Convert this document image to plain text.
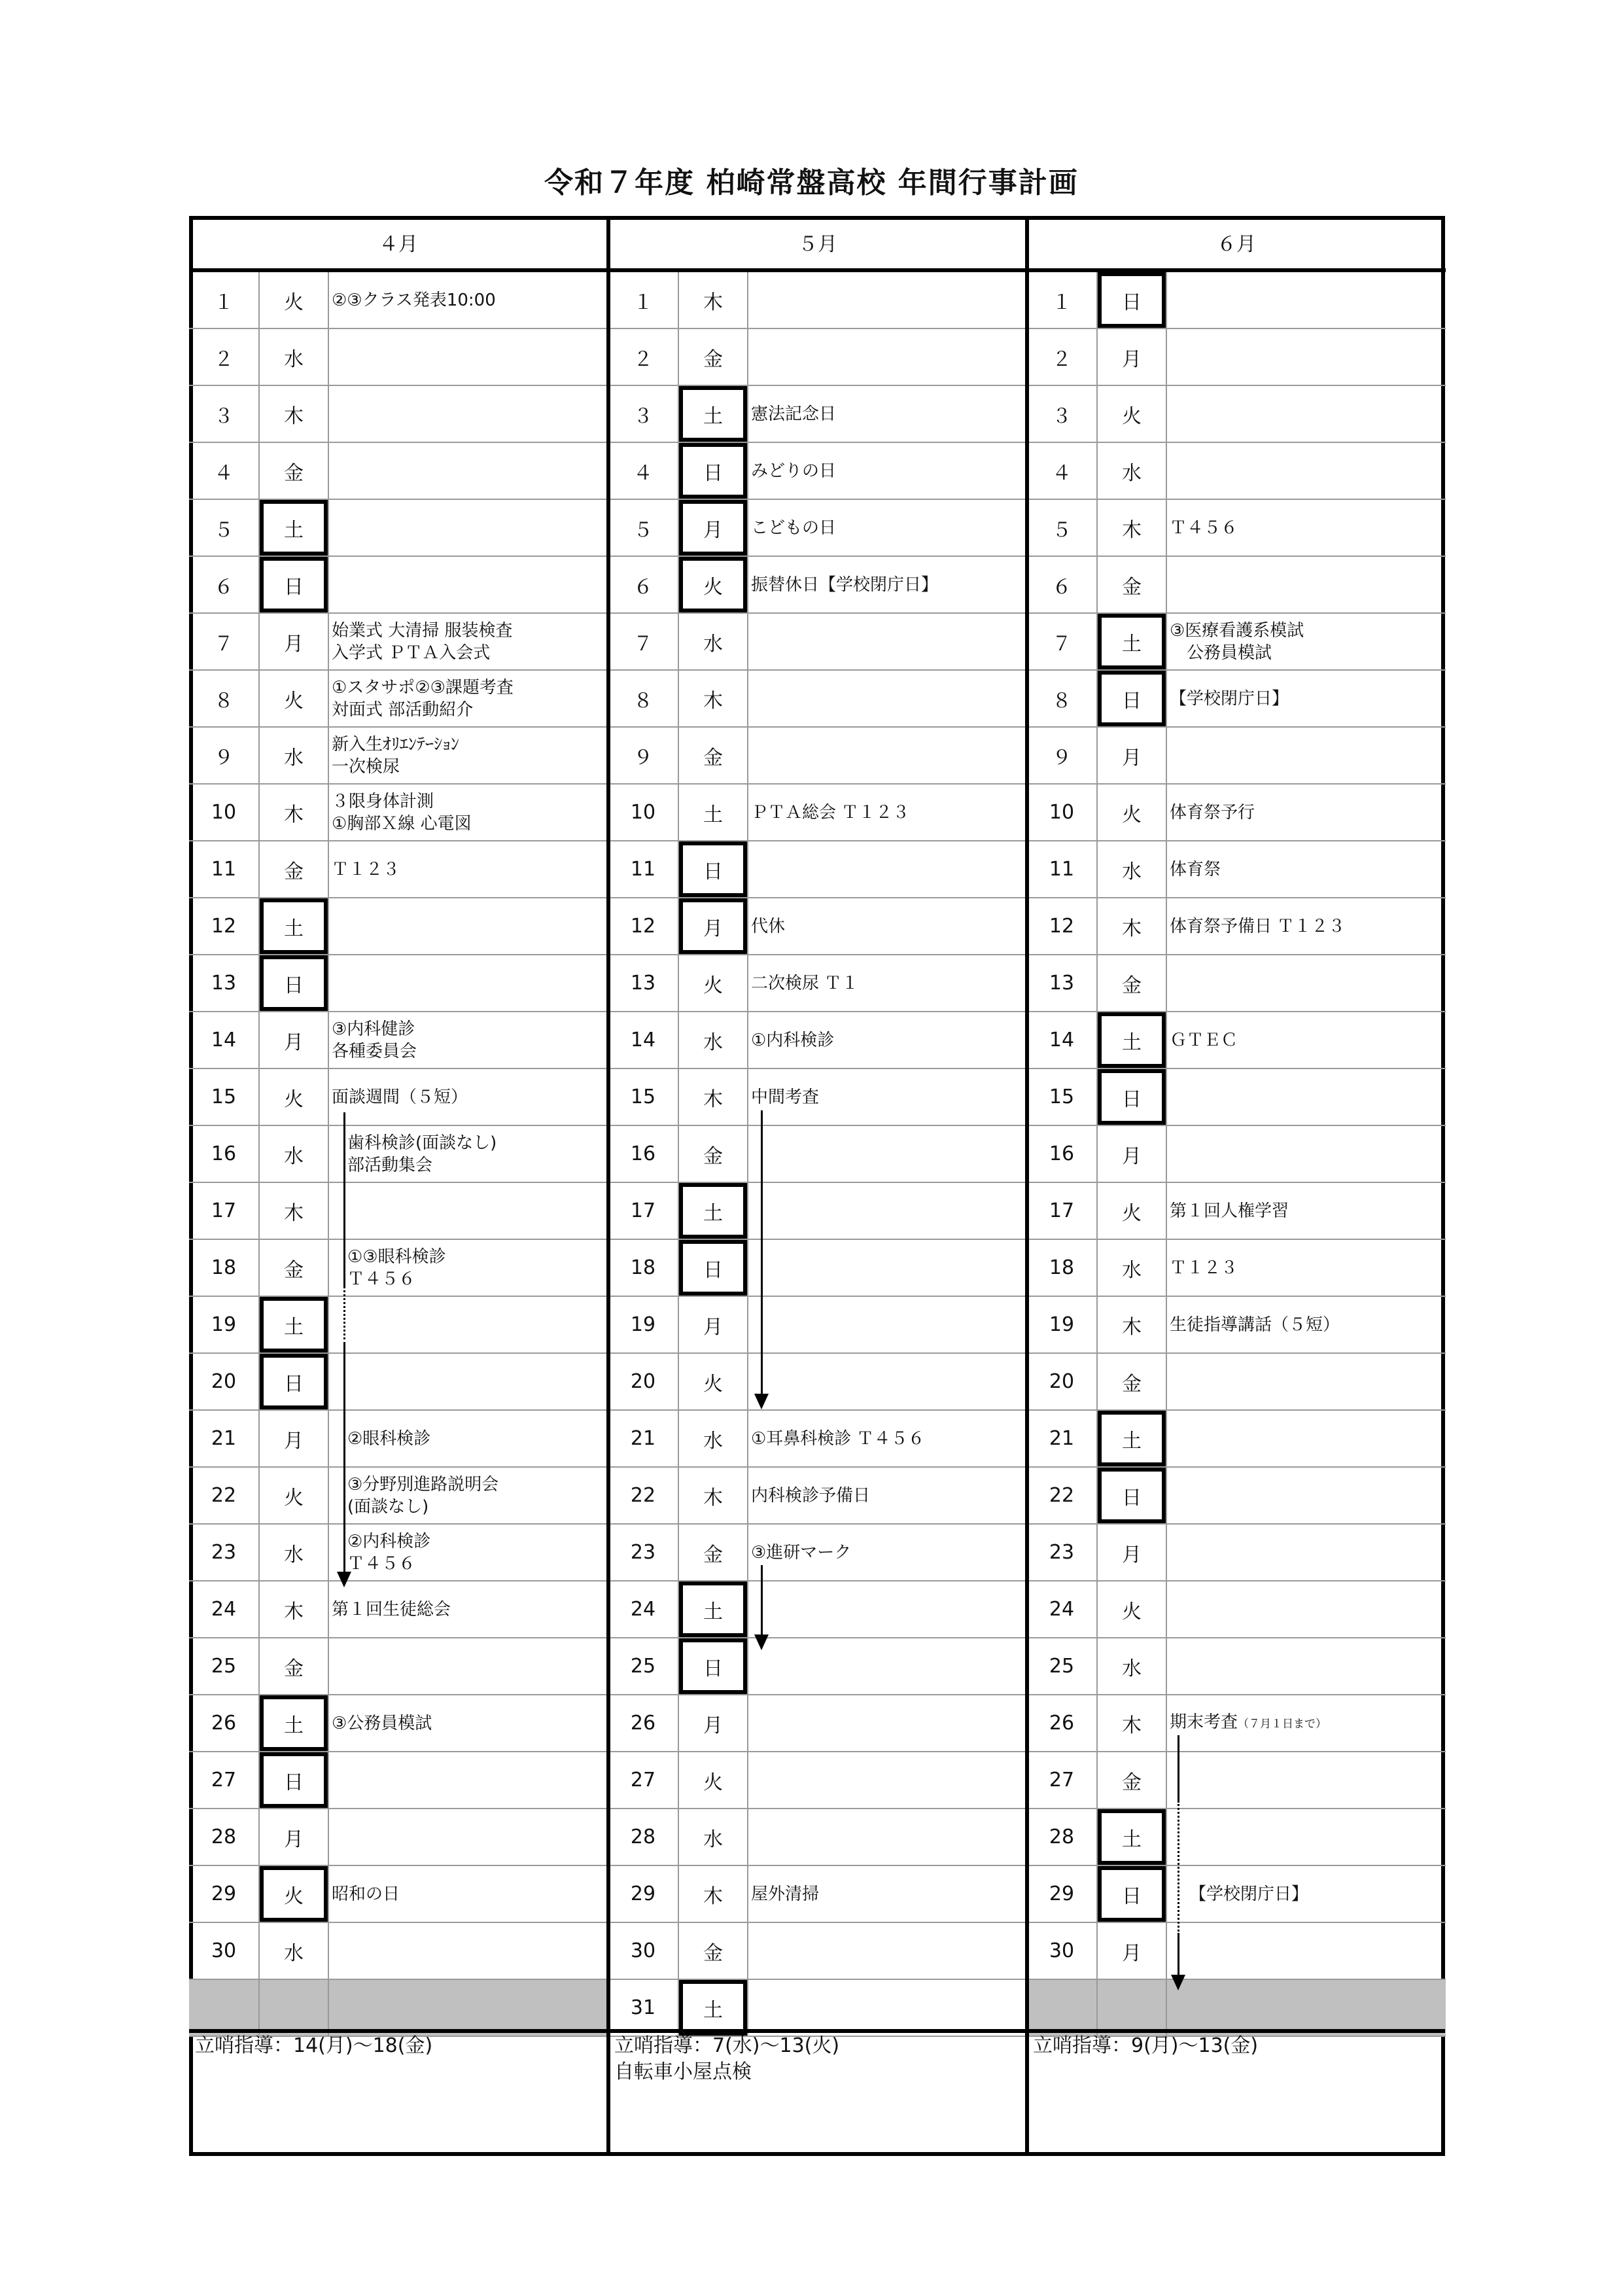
令和７年度 柏崎常盤高校 年間行事計画
４月
１	火	②③クラス発表10:00
２	水
３	木
４	金
５	土
６	日
７	月
始業式 大清掃 服装検査
入学式 ＰＴＡ入会式
８	火
①スタサポ②③課題考査
対面式 部活動紹介
９	水
新入生ｵﾘｴﾝﾃｰｼｮﾝ
一次検尿
10	木
３限身体計測
①胸部Ｘ線 心電図
11	金	Ｔ１２３
12	土
13	日
14	月
③内科健診
各種委員会
15	火	面談週間（５短）
16	水
歯科検診(面談なし)
部活動集会
17	木
18	金
①③眼科検診
Ｔ４５６
19	土
20	日
21	月	②眼科検診
22	火
③分野別進路説明会
(面談なし)
23	水
②内科検診
Ｔ４５６
24	木	第１回生徒総会
25	金
26	土	③公務員模試
27	日
28	月
29	火	昭和の日
30	水
５月
１	木
２	金
３	土	憲法記念日
４	日	みどりの日
５	月	こどもの日
６	火	振替休日【学校閉庁日】
７	水
８	木
９	金
10	土	ＰＴＡ総会 Ｔ１２３
11	日
12	月	代休
13	火	二次検尿 Ｔ１
14	水	①内科検診
15	木	中間考査
16	金
17	土
18	日
19	月
20	火
21	水	①耳鼻科検診 Ｔ４５６
22	木	内科検診予備日
23	金	③進研マーク
24	土
25	日
26	月
27	火
28	水
29	木	屋外清掃
30	金
31	土
６月
１	日
２	月
３	火
４	水
５	木	Ｔ４５６
６	金
７	土
③医療看護系模試
　公務員模試
８	日	【学校閉庁日】
９	月
10	火	体育祭予行
11	水	体育祭
12	木	体育祭予備日 Ｔ１２３
13	金
14	土	ＧＴＥＣ
15	日
16	月
17	火	第１回人権学習
18	水	Ｔ１２３
19	木	生徒指導講話（５短）
20	金
21	土
22	日
23	月
24	火
25	水
26	木	期末考査（７月１日まで）
27	金
28	土
29	日	【学校閉庁日】
30	月
立哨指導：14(月)～18(金)	立哨指導：7(水)～13(火)
自転車小屋点検
立哨指導：9(月)～13(金)
